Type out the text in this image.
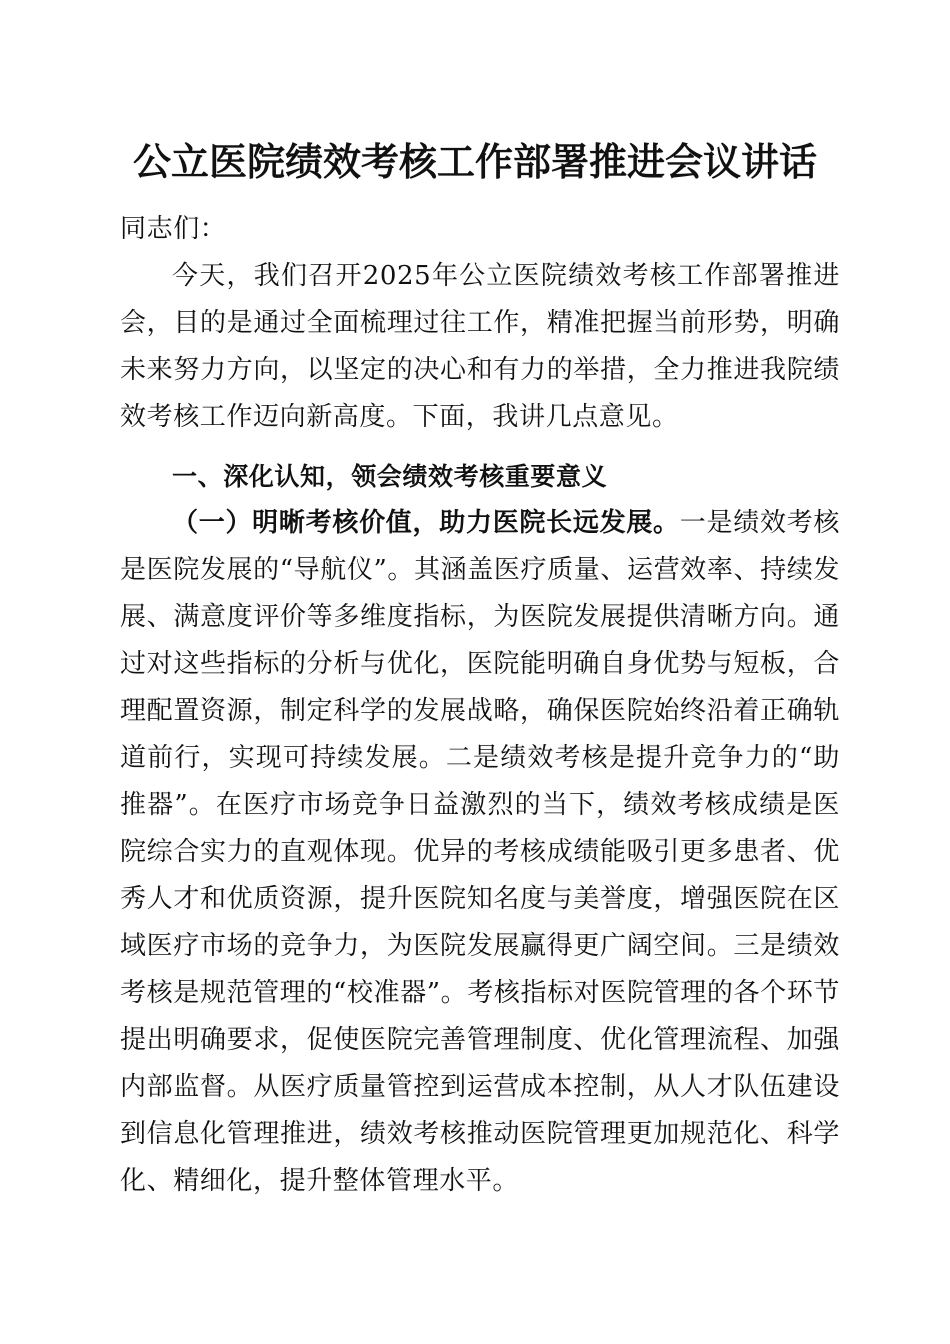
公立医院绩效考核工作部署推进会议讲话
同志们：
今天，我们召开2025年公立医院绩效考核工作部署推进会，目的是通过全面梳理过往工作，精准把握当前形势，明确未来努力方向，以坚定的决心和有力的举措，全力推进我院绩效考核工作迈向新高度。下面，我讲几点意见。
一、深化认知，领会绩效考核重要意义
（一）明晰考核价值，助力医院长远发展。一是绩效考核是医院发展的“导航仪”。其涵盖医疗质量、运营效率、持续发展、满意度评价等多维度指标，为医院发展提供清晰方向。通过对这些指标的分析与优化，医院能明确自身优势与短板，合理配置资源，制定科学的发展战略，确保医院始终沿着正确轨道前行，实现可持续发展。二是绩效考核是提升竞争力的“助推器”。在医疗市场竞争日益激烈的当下，绩效考核成绩是医院综合实力的直观体现。优异的考核成绩能吸引更多患者、优秀人才和优质资源，提升医院知名度与美誉度，增强医院在区域医疗市场的竞争力，为医院发展赢得更广阔空间。三是绩效考核是规范管理的“校准器”。考核指标对医院管理的各个环节提出明确要求，促使医院完善管理制度、优化管理流程、加强内部监督。从医疗质量管控到运营成本控制，从人才队伍建设到信息化管理推进，绩效考核推动医院管理更加规范化、科学化、精细化，提升整体管理水平。
